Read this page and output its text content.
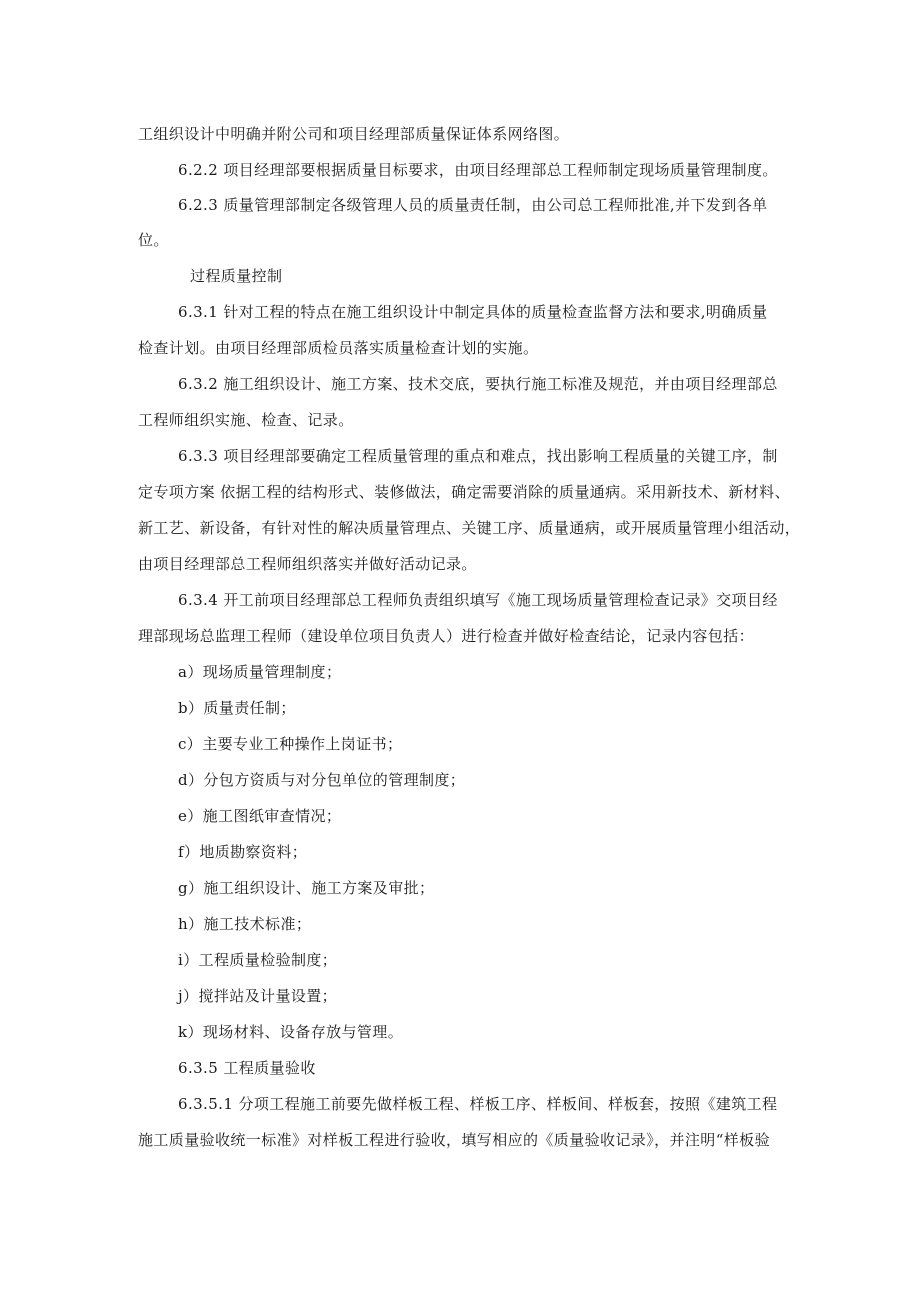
工组织设计中明确并附公司和项目经理部质量保证体系网络图。
6.2.2 项目经理部要根据质量目标要求，由项目经理部总工程师制定现场质量管理制度。
6.2.3 质量管理部制定各级管理人员的质量责任制，由公司总工程师批准,并下发到各单
位。
过程质量控制
6.3.1 针对工程的特点在施工组织设计中制定具体的质量检查监督方法和要求,明确质量
检查计划。由项目经理部质检员落实质量检查计划的实施。
6.3.2 施工组织设计、施工方案、技术交底，要执行施工标准及规范，并由项目经理部总
工程师组织实施、检查、记录。
6.3.3 项目经理部要确定工程质量管理的重点和难点，找出影响工程质量的关键工序，制
定专项方案 依据工程的结构形式、装修做法，确定需要消除的质量通病。采用新技术、新材料、
新工艺、新设备，有针对性的解决质量管理点、关键工序、质量通病，或开展质量管理小组活动，
由项目经理部总工程师组织落实并做好活动记录。
6.3.4 开工前项目经理部总工程师负责组织填写《施工现场质量管理检查记录》交项目经
理部现场总监理工程师（建设单位项目负责人）进行检查并做好检查结论，记录内容包括：
a）现场质量管理制度；
b）质量责任制；
c）主要专业工种操作上岗证书；
d）分包方资质与对分包单位的管理制度；
e）施工图纸审查情况；
f）地质勘察资料；
g）施工组织设计、施工方案及审批；
h）施工技术标准；
i）工程质量检验制度；
j）搅拌站及计量设置；
k）现场材料、设备存放与管理。
6.3.5 工程质量验收
6.3.5.1 分项工程施工前要先做样板工程、样板工序、样板间、样板套，按照《建筑工程
施工质量验收统一标准》对样板工程进行验收，填写相应的《质量验收记录》，并注明“样板验
